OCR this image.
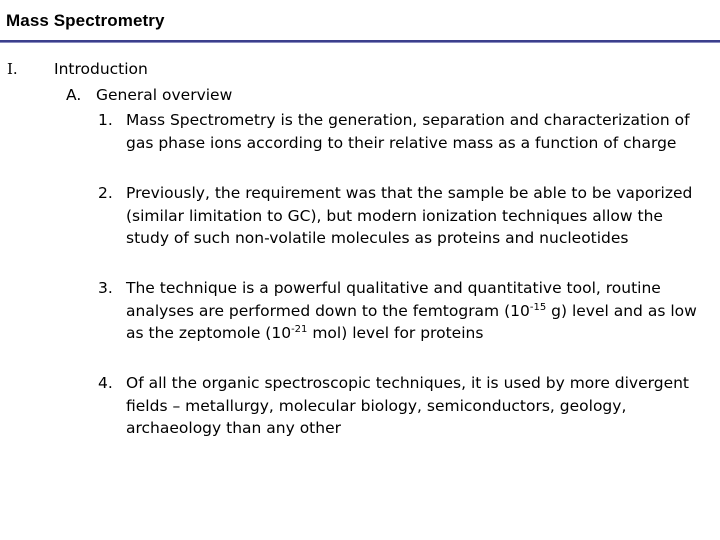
Mass Spectrometry
I. Introduction
A. General overview
1. Mass Spectrometry is the generation, separation and characterization of
gas phase ions according to their relative mass as a function of charge
2. Previously, the requirement was that the sample be able to be vaporized
(similar limitation to GC), but modern ionization techniques allow the
study of such non-volatile molecules as proteins and nucleotides
3. The technique is a powerful qualitative and quantitative tool, routine
analyses are performed down to the femtogram ($10^{-15}$ g) level and as low
as the zeptomole ($10^{-21}$ mol) level for proteins
4. Of all the organic spectroscopic techniques, it is used by more divergent
fields – metallurgy, molecular biology, semiconductors, geology,
archaeology than any other
